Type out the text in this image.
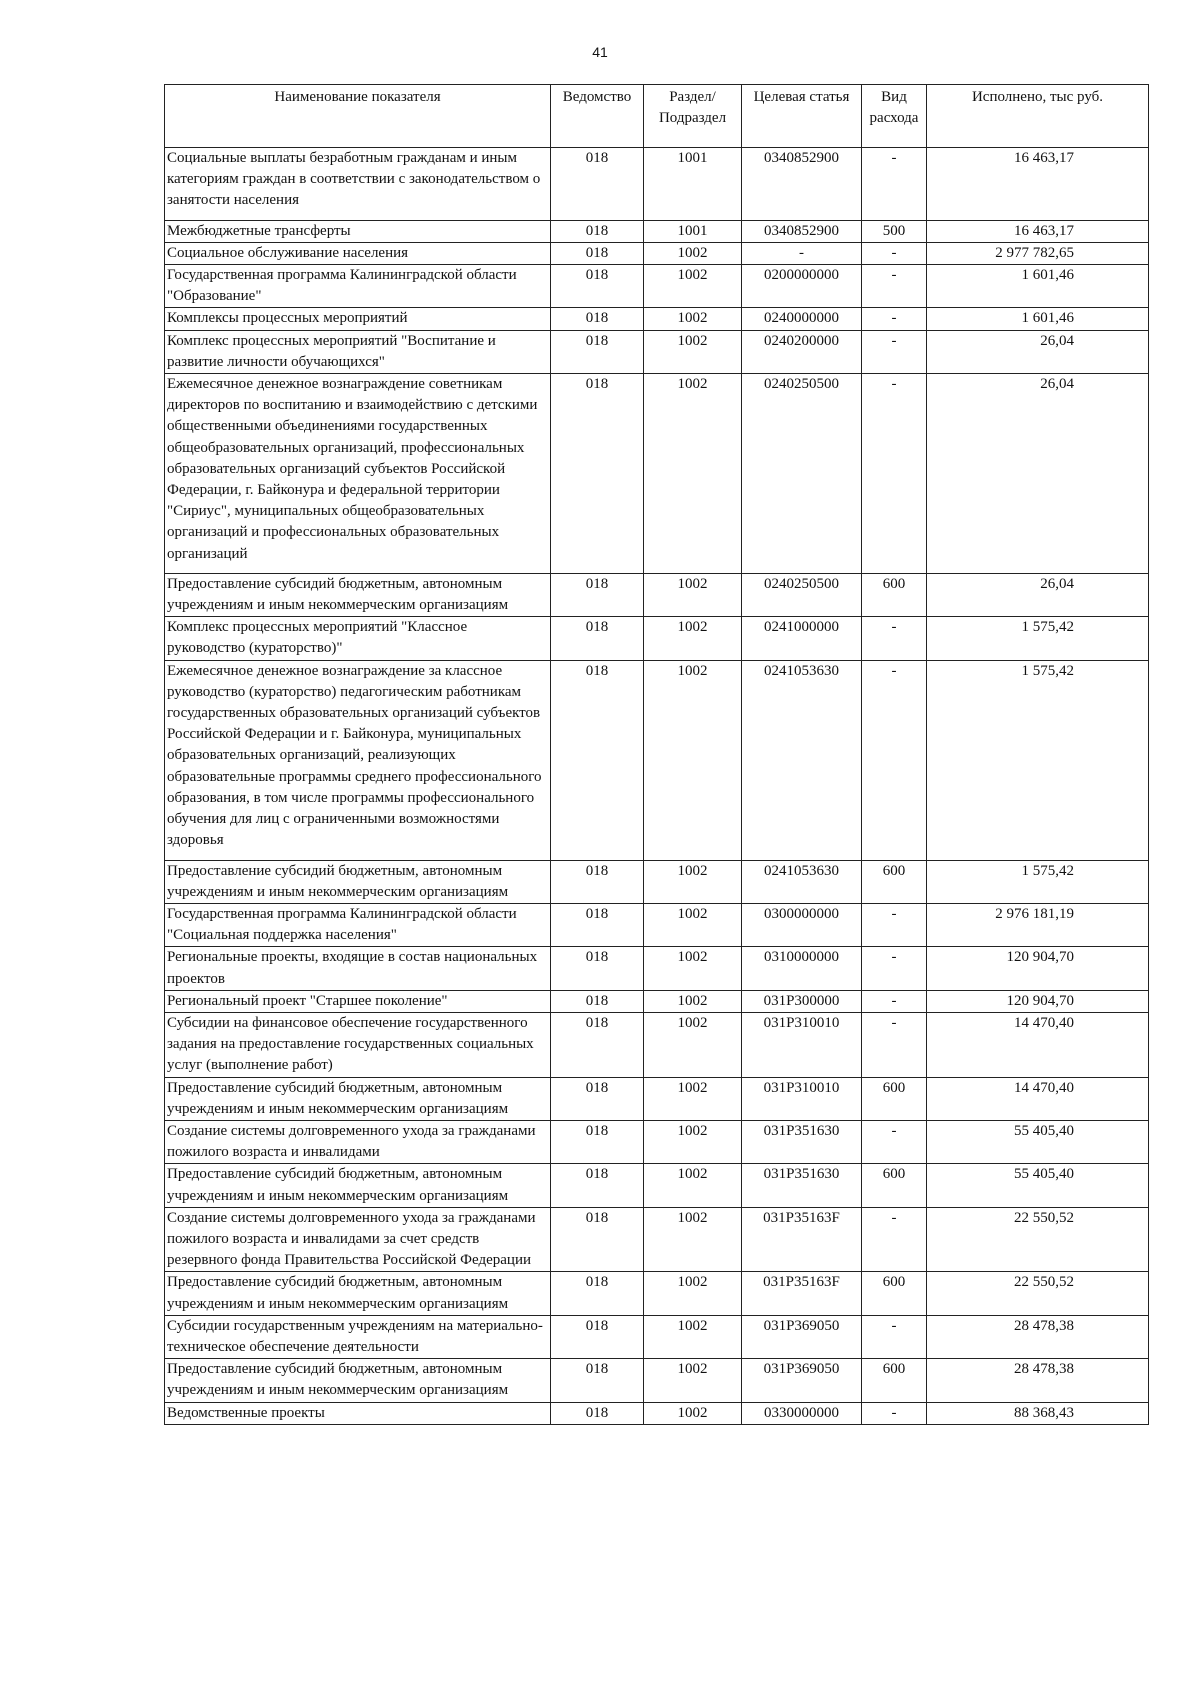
41
Наименование показателя	Ведомство	Раздел/ Подраздел	Целевая статья	Вид расхода	Исполнено, тыс руб.
Социальные выплаты безработным гражданам и иным категориям граждан в соответствии с законодательством о занятости населения	018	1001	0340852900	-	16 463,17
Межбюджетные трансферты	018	1001	0340852900	500	16 463,17
Социальное обслуживание населения	018	1002	-	-	2 977 782,65
Государственная программа Калининградской области "Образование"	018	1002	0200000000	-	1 601,46
Комплексы процессных мероприятий	018	1002	0240000000	-	1 601,46
Комплекс процессных мероприятий "Воспитание и развитие личности обучающихся"	018	1002	0240200000	-	26,04
Ежемесячное денежное вознаграждение советникам директоров по воспитанию и взаимодействию с детскими общественными объединениями государственных общеобразовательных организаций, профессиональных образовательных организаций субъектов Российской Федерации, г. Байконура и федеральной территории "Сириус", муниципальных общеобразовательных организаций и профессиональных образовательных организаций	018	1002	0240250500	-	26,04
Предоставление субсидий бюджетным, автономным учреждениям и иным некоммерческим организациям	018	1002	0240250500	600	26,04
Комплекс процессных мероприятий "Классное руководство (кураторство)"	018	1002	0241000000	-	1 575,42
Ежемесячное денежное вознаграждение за классное руководство (кураторство) педагогическим работникам государственных образовательных организаций субъектов Российской Федерации и г. Байконура, муниципальных образовательных организаций, реализующих образовательные программы среднего профессионального образования, в том числе программы профессионального обучения для лиц с ограниченными возможностями здоровья	018	1002	0241053630	-	1 575,42
Предоставление субсидий бюджетным, автономным учреждениям и иным некоммерческим организациям	018	1002	0241053630	600	1 575,42
Государственная программа Калининградской области "Социальная поддержка населения"	018	1002	0300000000	-	2 976 181,19
Региональные проекты, входящие в состав национальных проектов	018	1002	0310000000	-	120 904,70
Региональный проект "Старшее поколение"	018	1002	031P300000	-	120 904,70
Субсидии на финансовое обеспечение государственного задания на предоставление государственных социальных услуг (выполнение работ)	018	1002	031P310010	-	14 470,40
Предоставление субсидий бюджетным, автономным учреждениям и иным некоммерческим организациям	018	1002	031P310010	600	14 470,40
Создание системы долговременного ухода за гражданами пожилого возраста и инвалидами	018	1002	031P351630	-	55 405,40
Предоставление субсидий бюджетным, автономным учреждениям и иным некоммерческим организациям	018	1002	031P351630	600	55 405,40
Создание системы долговременного ухода за гражданами пожилого возраста и инвалидами за счет средств резервного фонда Правительства Российской Федерации	018	1002	031P35163F	-	22 550,52
Предоставление субсидий бюджетным, автономным учреждениям и иным некоммерческим организациям	018	1002	031P35163F	600	22 550,52
Субсидии государственным учреждениям на материально-техническое обеспечение деятельности	018	1002	031P369050	-	28 478,38
Предоставление субсидий бюджетным, автономным учреждениям и иным некоммерческим организациям	018	1002	031P369050	600	28 478,38
Ведомственные проекты	018	1002	0330000000	-	88 368,43
